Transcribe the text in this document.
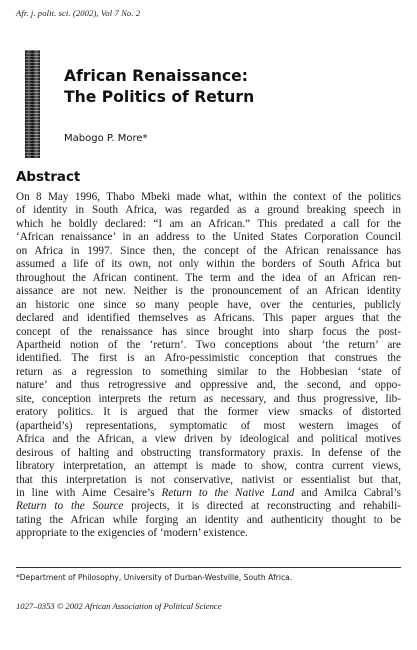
Afr. j. polit. sci. (2002), Vol 7 No. 2
African Renaissance:
The Politics of Return
Mabogo P. More*
Abstract
On 8 May 1996, Thabo Mbeki made what, within the context of the politics
of identity in South Africa, was regarded as a ground breaking speech in
which he boldly declared: “I am an African.” This predated a call for the
‘African renaissance’ in an address to the United States Corporation Council
on Africa in 1997. Since then, the concept of the African renaissance has
assumed a life of its own, not only within the borders of South Africa but
throughout the African continent. The term and the idea of an African ren-
aissance are not new. Neither is the pronouncement of an African identity
an historic one since so many people have, over the centuries, publicly
declared and identified themselves as Africans. This paper argues that the
concept of the renaissance has since brought into sharp focus the post-
Apartheid notion of the ‘return’. Two conceptions about ‘the return’ are
identified. The first is an Afro-pessimistic conception that construes the
return as a regression to something similar to the Hobbesian ‘state of
nature’ and thus retrogressive and oppressive and, the second, and oppo-
site, conception interprets the return as necessary, and thus progressive, lib-
eratory politics. It is argued that the former view smacks of distorted
(apartheid’s) representations, symptomatic of most western images of
Africa and the African, a view driven by ideological and political motives
desirous of halting and obstructing transformatory praxis. In defense of the
libratory interpretation, an attempt is made to show, contra current views,
that this interpretation is not conservative, nativist or essentialist but that,
in line with Aime Cesaire’s Return to the Native Land and Amilca Cabral’s
Return to the Source projects, it is directed at reconstructing and rehabili-
tating the African while forging an identity and authenticity thought to be
appropriate to the exigencies of ‘modern’ existence.
*Department of Philosophy, University of Durban-Westville, South Africa.
1027–0353 © 2002 African Association of Political Science
